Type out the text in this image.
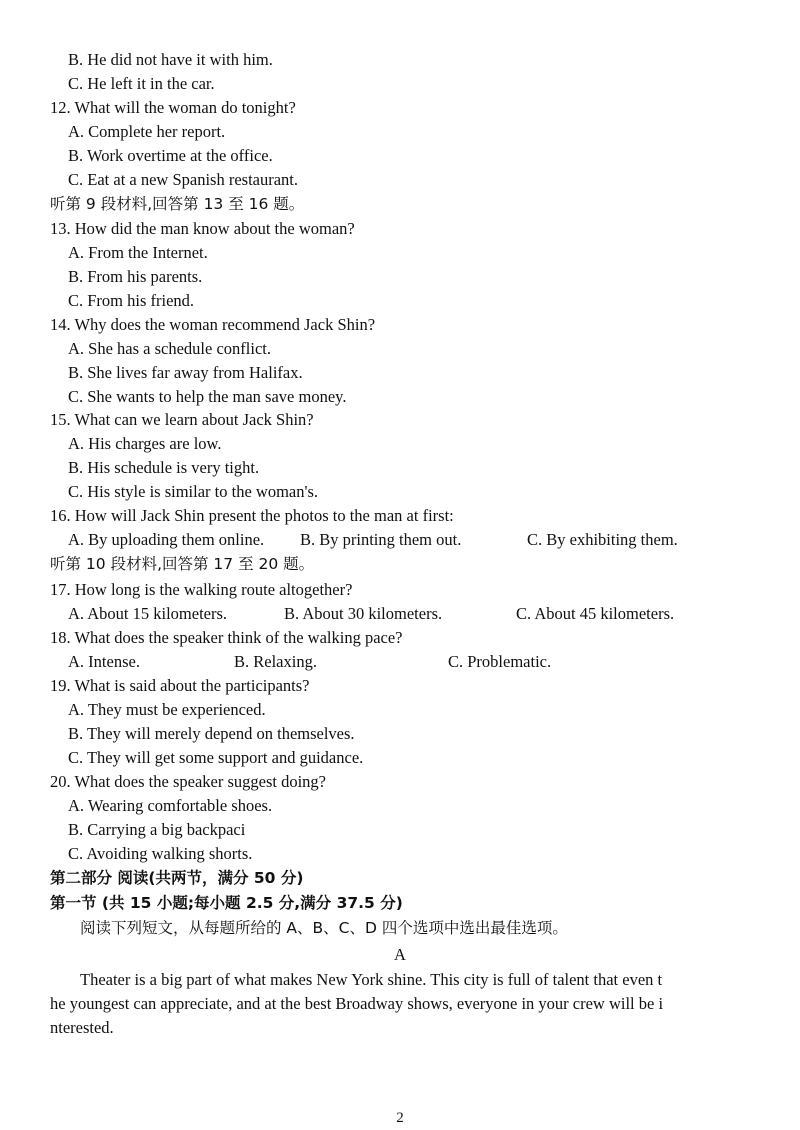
B. He did not have it with him.
C. He left it in the car.
12. What will the woman do tonight?
A. Complete her report.
B. Work overtime at the office.
C. Eat at a new Spanish restaurant.
听第 9 段材料,回答第 13 至 16 题。
13. How did the man know about the woman?
A. From the Internet.
B. From his parents.
C. From his friend.
14. Why does the woman recommend Jack Shin?
A. She has a schedule conflict.
B. She lives far away from Halifax.
C. She wants to help the man save money.
15. What can we learn about Jack Shin?
A. His charges are low.
B. His schedule is very tight.
C. His style is similar to the woman's.
16. How will Jack Shin present the photos to the man at first:
听第 10 段材料,回答第 17 至 20 题。
17. How long is the walking route altogether?
18. What does the speaker think of the walking pace?
19. What is said about the participants?
A. They must be experienced.
B. They will merely depend on themselves.
C. They will get some support and guidance.
20. What does the speaker suggest doing?
A. Wearing comfortable shoes.
B. Carrying a big backpaci
C. Avoiding walking shorts.
第二部分 阅读(共两节，满分 50 分)
第一节 (共 15 小题;每小题 2.5 分,满分 37.5 分)
阅读下列短文，从每题所给的 A、B、C、D 四个选项中选出最佳选项。
Theater is a big part of what makes New York shine. This city is full of talent that even t
he youngest can appreciate, and at the best Broadway shows, everyone in your crew will be i
nterested.
A. By uploading them online. B. By printing them out.	C. By exhibiting them.
A. About 15 kilometers.	B. About 30 kilometers.	C. About 45 kilometers.
A. Intense.	B. Relaxing.	C. Problematic.
A
2
